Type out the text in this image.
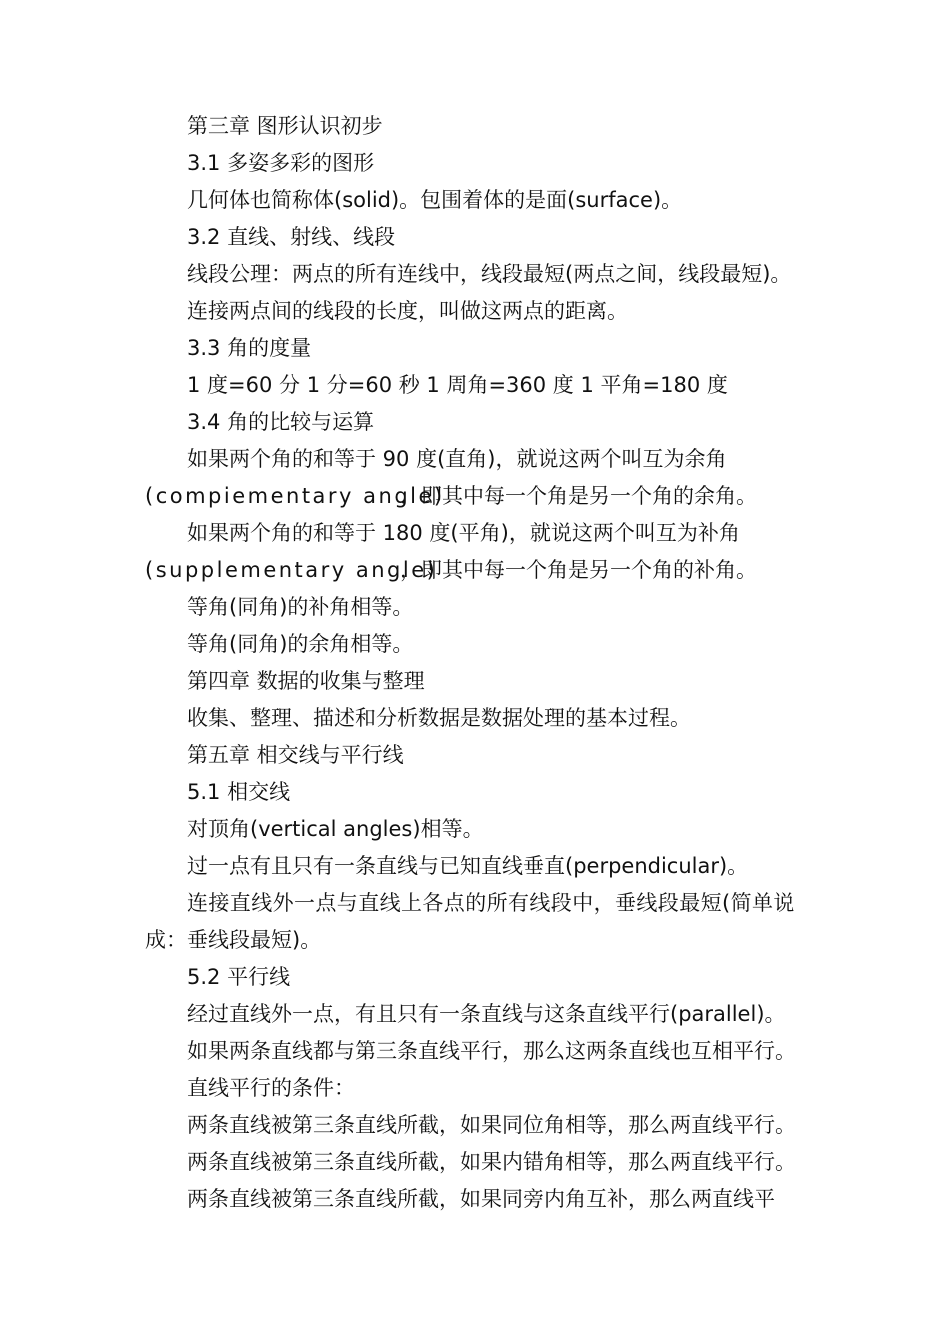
第三章 图形认识初步
3.1 多姿多彩的图形
几何体也简称体(solid)。包围着体的是面(surface)。
3.2 直线、射线、线段
线段公理：两点的所有连线中，线段最短(两点之间，线段最短)。
连接两点间的线段的长度，叫做这两点的距离。
3.3 角的度量
1 度=60 分 1 分=60 秒 1 周角=360 度 1 平角=180 度
3.4 角的比较与运算
如果两个角的和等于 90 度(直角)，就说这两个叫互为余角
(compiementary angle)
，即其中每一个角是另一个角的余角。
如果两个角的和等于 180 度(平角)，就说这两个叫互为补角
(supplementary angle)
，即其中每一个角是另一个角的补角。
等角(同角)的补角相等。
等角(同角)的余角相等。
第四章 数据的收集与整理
收集、整理、描述和分析数据是数据处理的基本过程。
第五章 相交线与平行线
5.1 相交线
对顶角(vertical angles)相等。
过一点有且只有一条直线与已知直线垂直(perpendicular)。
连接直线外一点与直线上各点的所有线段中，垂线段最短(简单说
成：垂线段最短)。
5.2 平行线
经过直线外一点，有且只有一条直线与这条直线平行(parallel)。
如果两条直线都与第三条直线平行，那么这两条直线也互相平行。
直线平行的条件：
两条直线被第三条直线所截，如果同位角相等，那么两直线平行。
两条直线被第三条直线所截，如果内错角相等，那么两直线平行。
两条直线被第三条直线所截，如果同旁内角互补，那么两直线平
